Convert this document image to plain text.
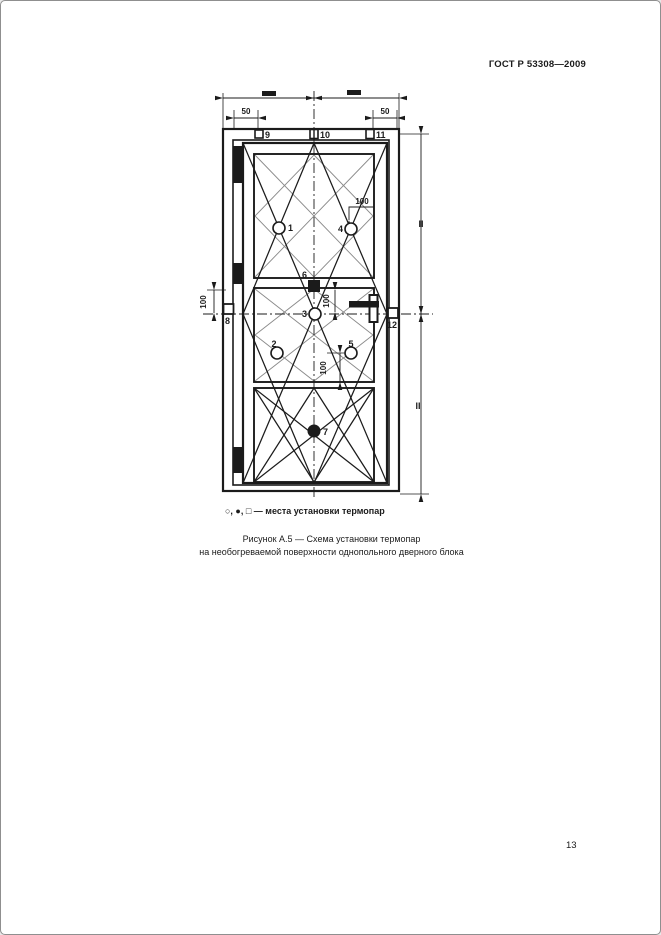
ГОСТ Р 53308—2009
1
2
3
4
5
6
7
8
9	10	11
12
50	50
100
100	100
100
II
II
○, ●, □ — места установки термопар
Рисунок А.5 — Схема установки термопар
на необогреваемой поверхности однопольного дверного блока
13
